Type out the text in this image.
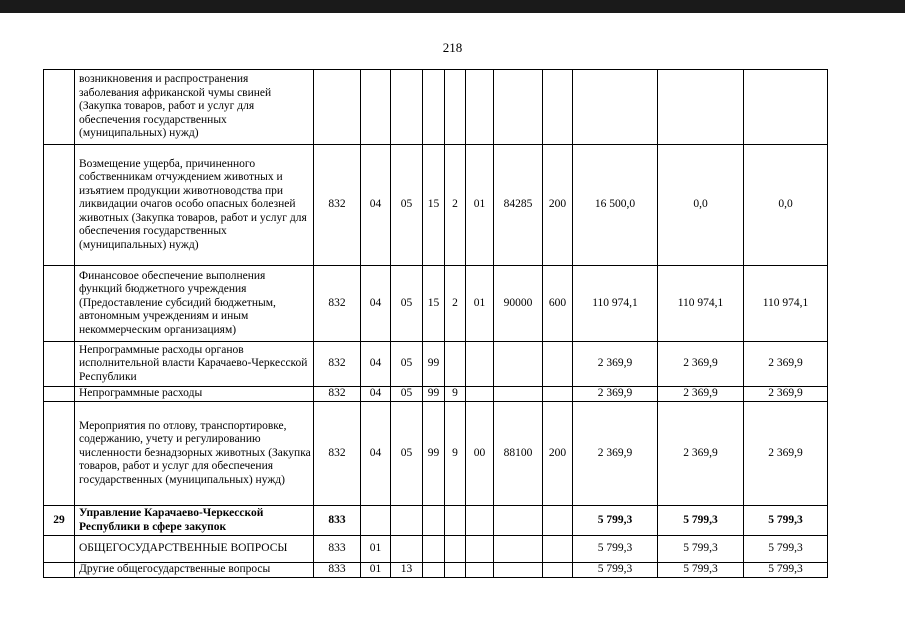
218
	возникновения и распространения заболевания африканской чумы свиней (Закупка товаров, работ и услуг для обеспечения государственных (муниципальных) нужд)											
	Возмещение ущерба, причиненного собственникам отчуждением животных и изъятием продукции животноводства при ликвидации очагов особо опасных болезней животных (Закупка товаров, работ и услуг для обеспечения государственных (муниципальных) нужд)	832	04	05	15	2	01	84285	200	16 500,0	0,0	0,0
	Финансовое обеспечение выполнения функций бюджетного учреждения (Предоставление субсидий бюджетным, автономным учреждениям и иным некоммерческим организациям)	832	04	05	15	2	01	90000	600	110 974,1	110 974,1	110 974,1
	Непрограммные расходы органов исполнительной власти Карачаево-Черкесской Республики	832	04	05	99					2 369,9	2 369,9	2 369,9
	Непрограммные расходы	832	04	05	99	9				2 369,9	2 369,9	2 369,9
	Мероприятия по отлову, транспортировке, содержанию, учету и регулированию численности безнадзорных животных (Закупка товаров, работ и услуг для обеспечения государственных (муниципальных) нужд)	832	04	05	99	9	00	88100	200	2 369,9	2 369,9	2 369,9
29	Управление Карачаево-Черкесской Республики в сфере закупок	833								5 799,3	5 799,3	5 799,3
	ОБЩЕГОСУДАРСТВЕННЫЕ ВОПРОСЫ	833	01							5 799,3	5 799,3	5 799,3
	Другие общегосударственные вопросы	833	01	13						5 799,3	5 799,3	5 799,3
